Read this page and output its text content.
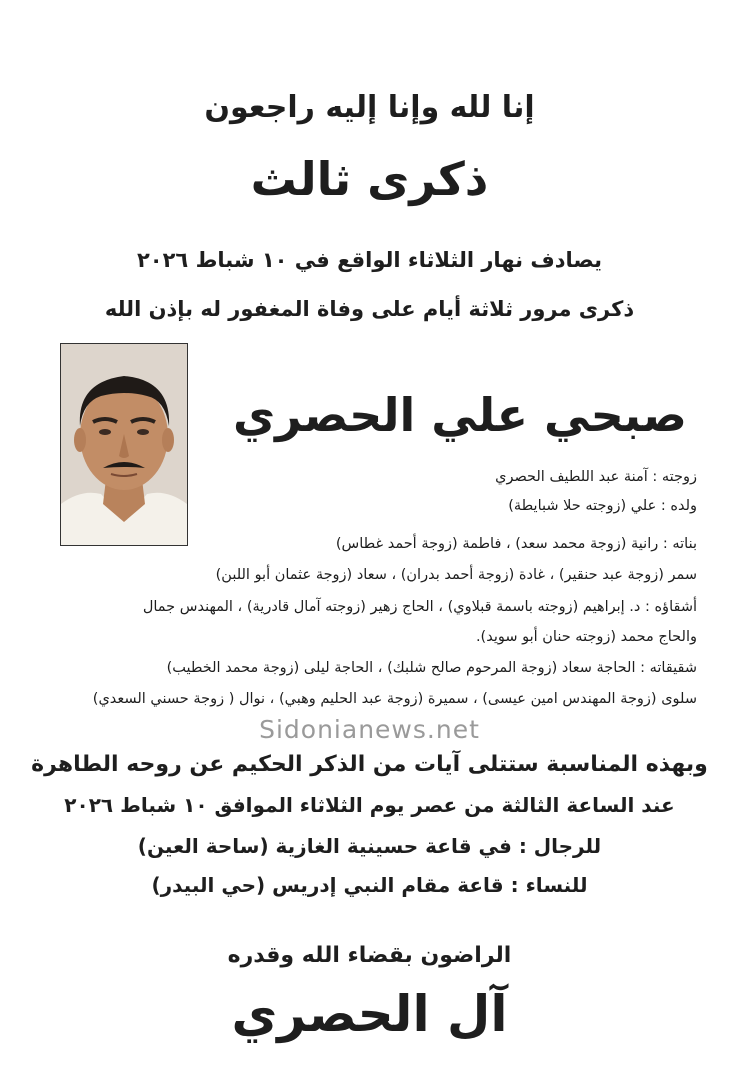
إنا لله وإنا إليه راجعون
ذكرى ثالث
يصادف نهار الثلاثاء الواقع في ١٠ شباط ٢٠٢٦
ذكرى مرور ثلاثة أيام على وفاة المغفور له بإذن الله
صبحي علي الحصري
زوجته : آمنة عبد اللطيف الحصري
ولده : علي (زوجته حلا شبايطة)
بناته : رانية (زوجة محمد سعد) ، فاطمة (زوجة أحمد غطاس)
سمر (زوجة عبد حنقير) ، غادة (زوجة أحمد بدران) ، سعاد (زوجة عثمان أبو اللبن)
أشقاؤه : د. إبراهيم (زوجته باسمة قبلاوي) ، الحاج زهير (زوجته آمال قادرية) ، المهندس جمال
والحاج محمد (زوجته حنان أبو سويد).
شقيقاته : الحاجة سعاد (زوجة المرحوم صالح شلبك) ، الحاجة ليلى (زوجة محمد الخطيب)
سلوى (زوجة المهندس امين عيسى) ، سميرة (زوجة عبد الحليم وهبي) ، نوال ( زوجة حسني السعدي)
Sidonianews.net
وبهذه المناسبة ستتلى آيات من الذكر الحكيم عن روحه الطاهرة
عند الساعة الثالثة من عصر يوم الثلاثاء الموافق ١٠ شباط ٢٠٢٦
للرجال : في قاعة حسينية الغازية (ساحة العين)
للنساء : قاعة مقام النبي إدريس (حي البيدر)
الراضون بقضاء الله وقدره
آل الحصري
